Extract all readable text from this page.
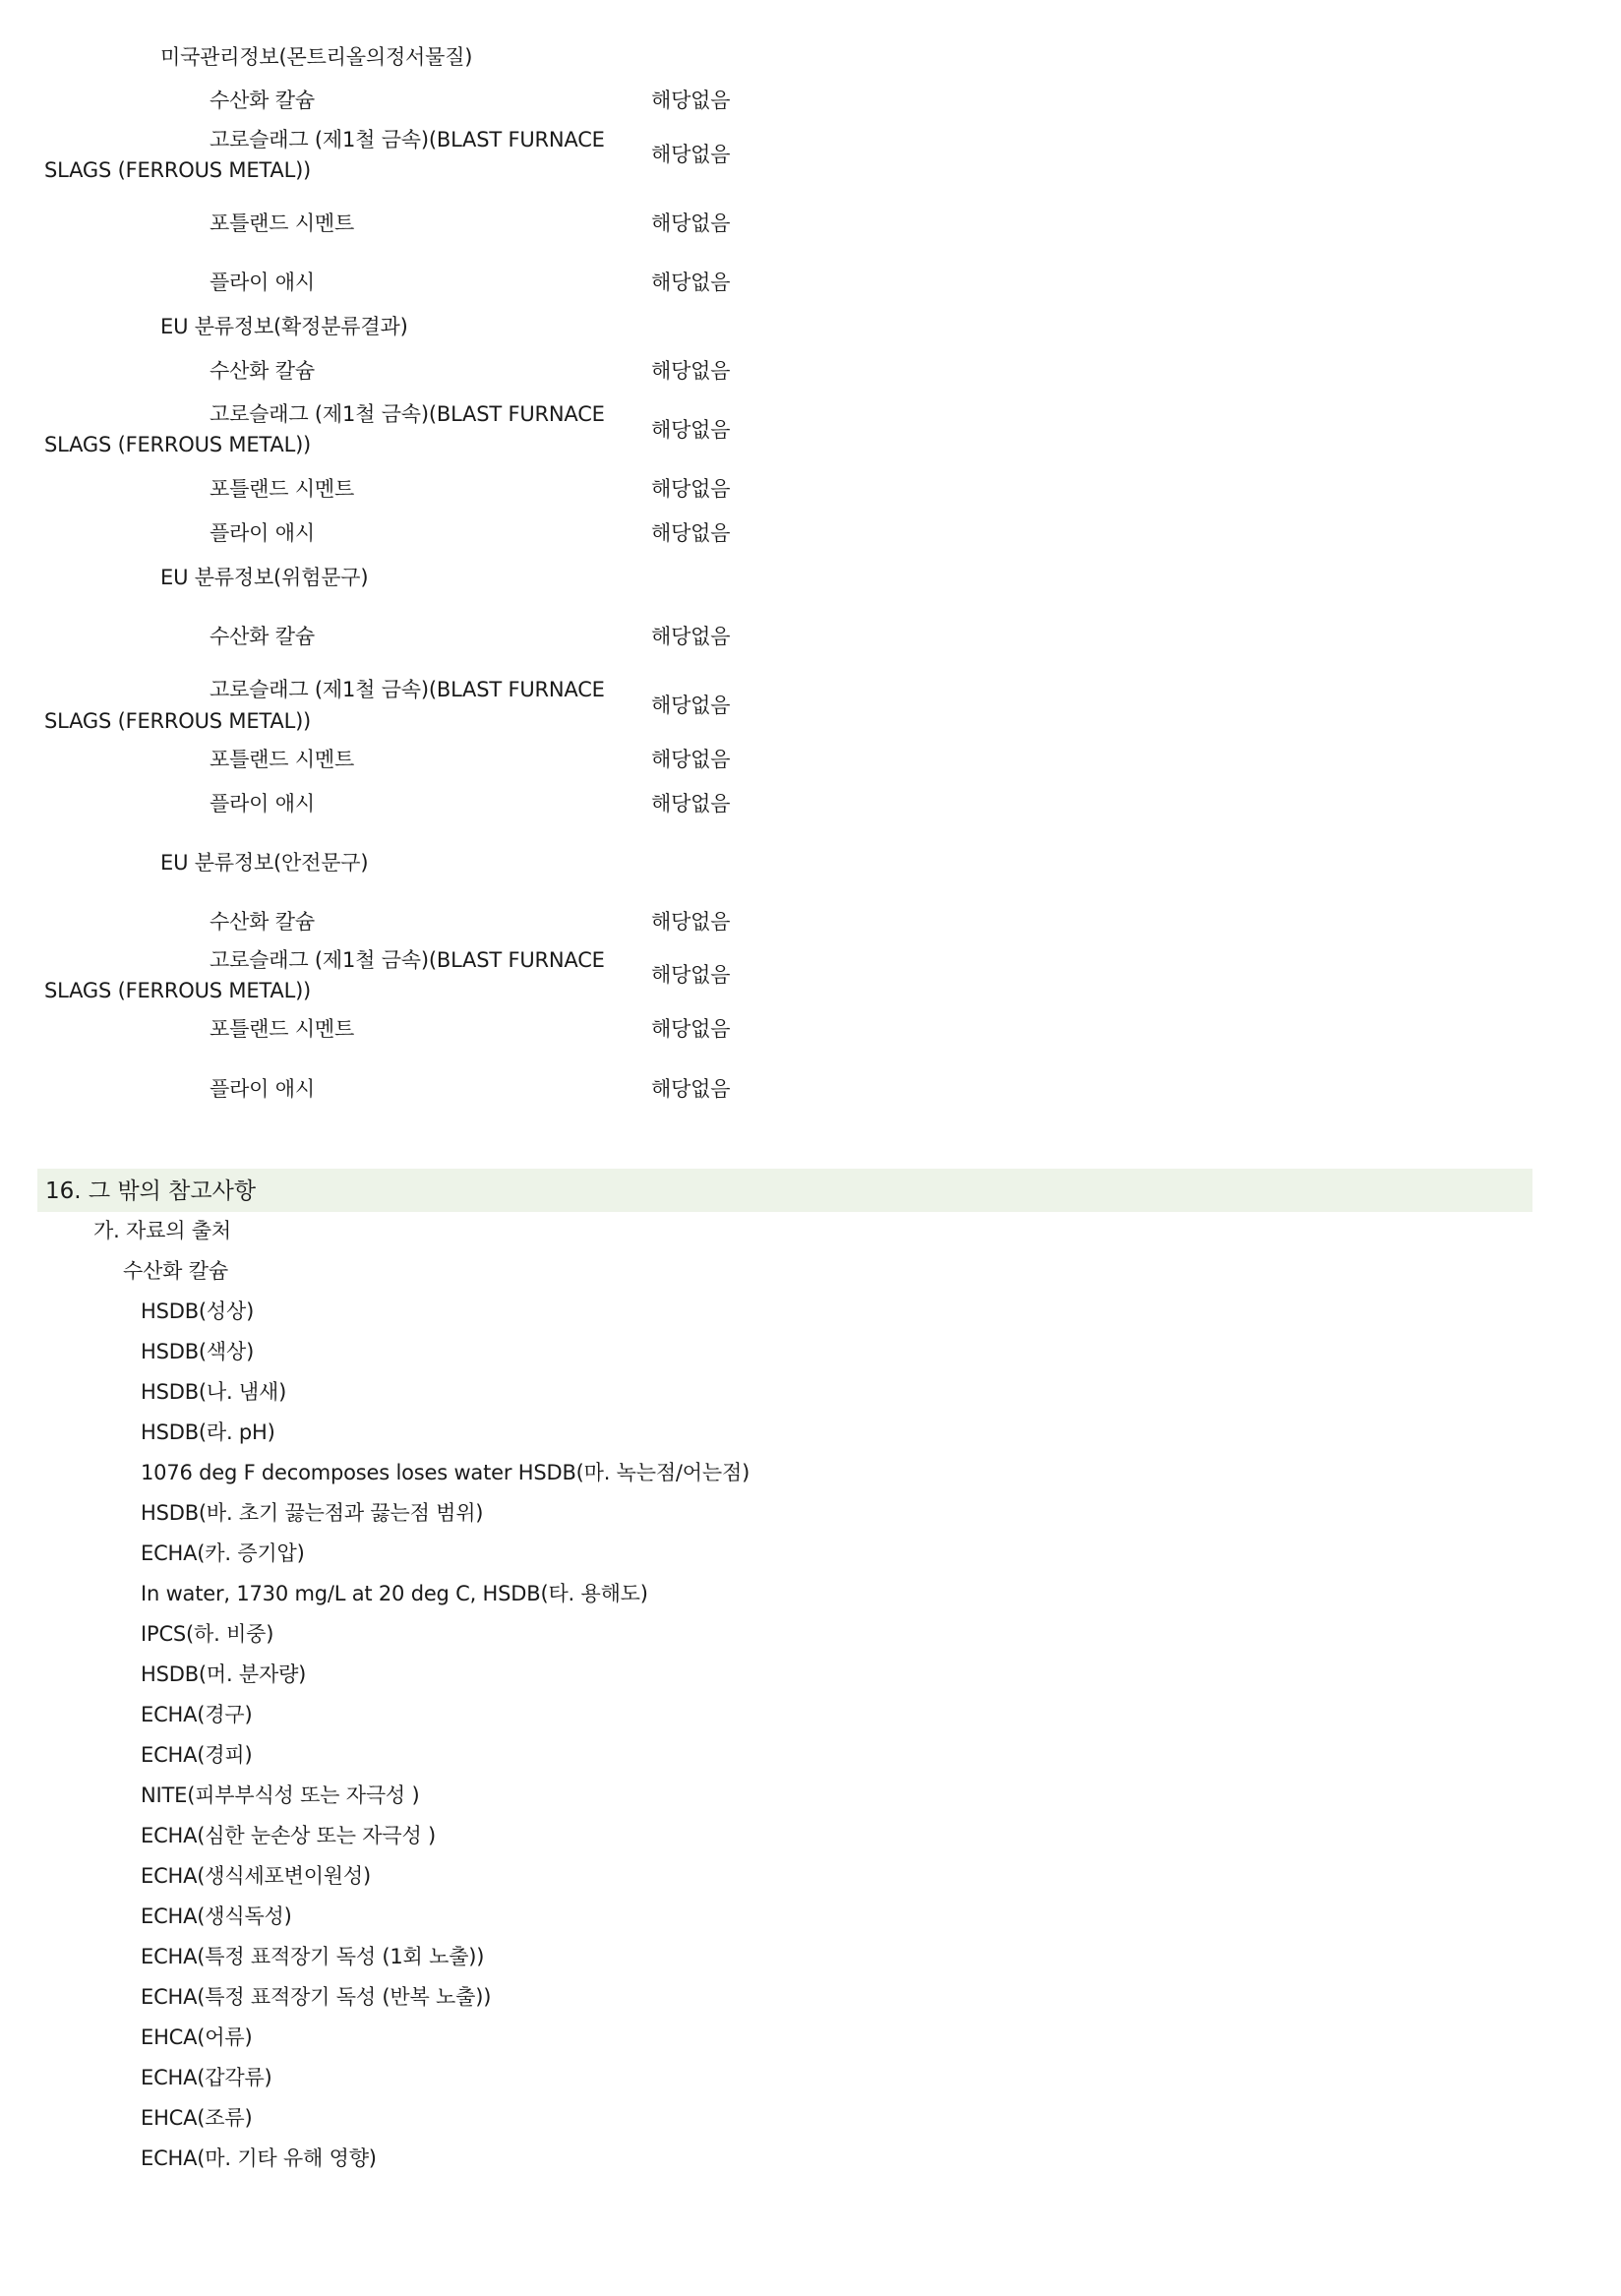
미국관리정보(몬트리올의정서물질)
수산화 칼슘	해당없음
고로슬래그 (제1철 금속)(BLAST FURNACE
SLAGS (FERROUS METAL))
해당없음
포틀랜드 시멘트	해당없음
플라이 애시	해당없음
EU 분류정보(확정분류결과)
수산화 칼슘	해당없음
고로슬래그 (제1철 금속)(BLAST FURNACE
SLAGS (FERROUS METAL))
해당없음
포틀랜드 시멘트	해당없음
플라이 애시	해당없음
EU 분류정보(위험문구)
수산화 칼슘	해당없음
고로슬래그 (제1철 금속)(BLAST FURNACE
SLAGS (FERROUS METAL))
해당없음
포틀랜드 시멘트	해당없음
플라이 애시	해당없음
EU 분류정보(안전문구)
수산화 칼슘	해당없음
고로슬래그 (제1철 금속)(BLAST FURNACE
SLAGS (FERROUS METAL))
해당없음
포틀랜드 시멘트	해당없음
플라이 애시	해당없음
16. 그 밖의 참고사항
가. 자료의 출처
수산화 칼슘
HSDB(성상)
HSDB(색상)
HSDB(나. 냄새)
HSDB(라. pH)
1076 deg F decomposes loses water HSDB(마. 녹는점/어는점)
HSDB(바. 초기 끓는점과 끓는점 범위)
ECHA(카. 증기압)
In water, 1730 mg/L at 20 deg C, HSDB(타. 용해도)
IPCS(하. 비중)
HSDB(머. 분자량)
ECHA(경구)
ECHA(경피)
NITE(피부부식성 또는 자극성 )
ECHA(심한 눈손상 또는 자극성 )
ECHA(생식세포변이원성)
ECHA(생식독성)
ECHA(특정 표적장기 독성 (1회 노출))
ECHA(특정 표적장기 독성 (반복 노출))
EHCA(어류)
ECHA(갑각류)
EHCA(조류)
ECHA(마. 기타 유해 영향)
